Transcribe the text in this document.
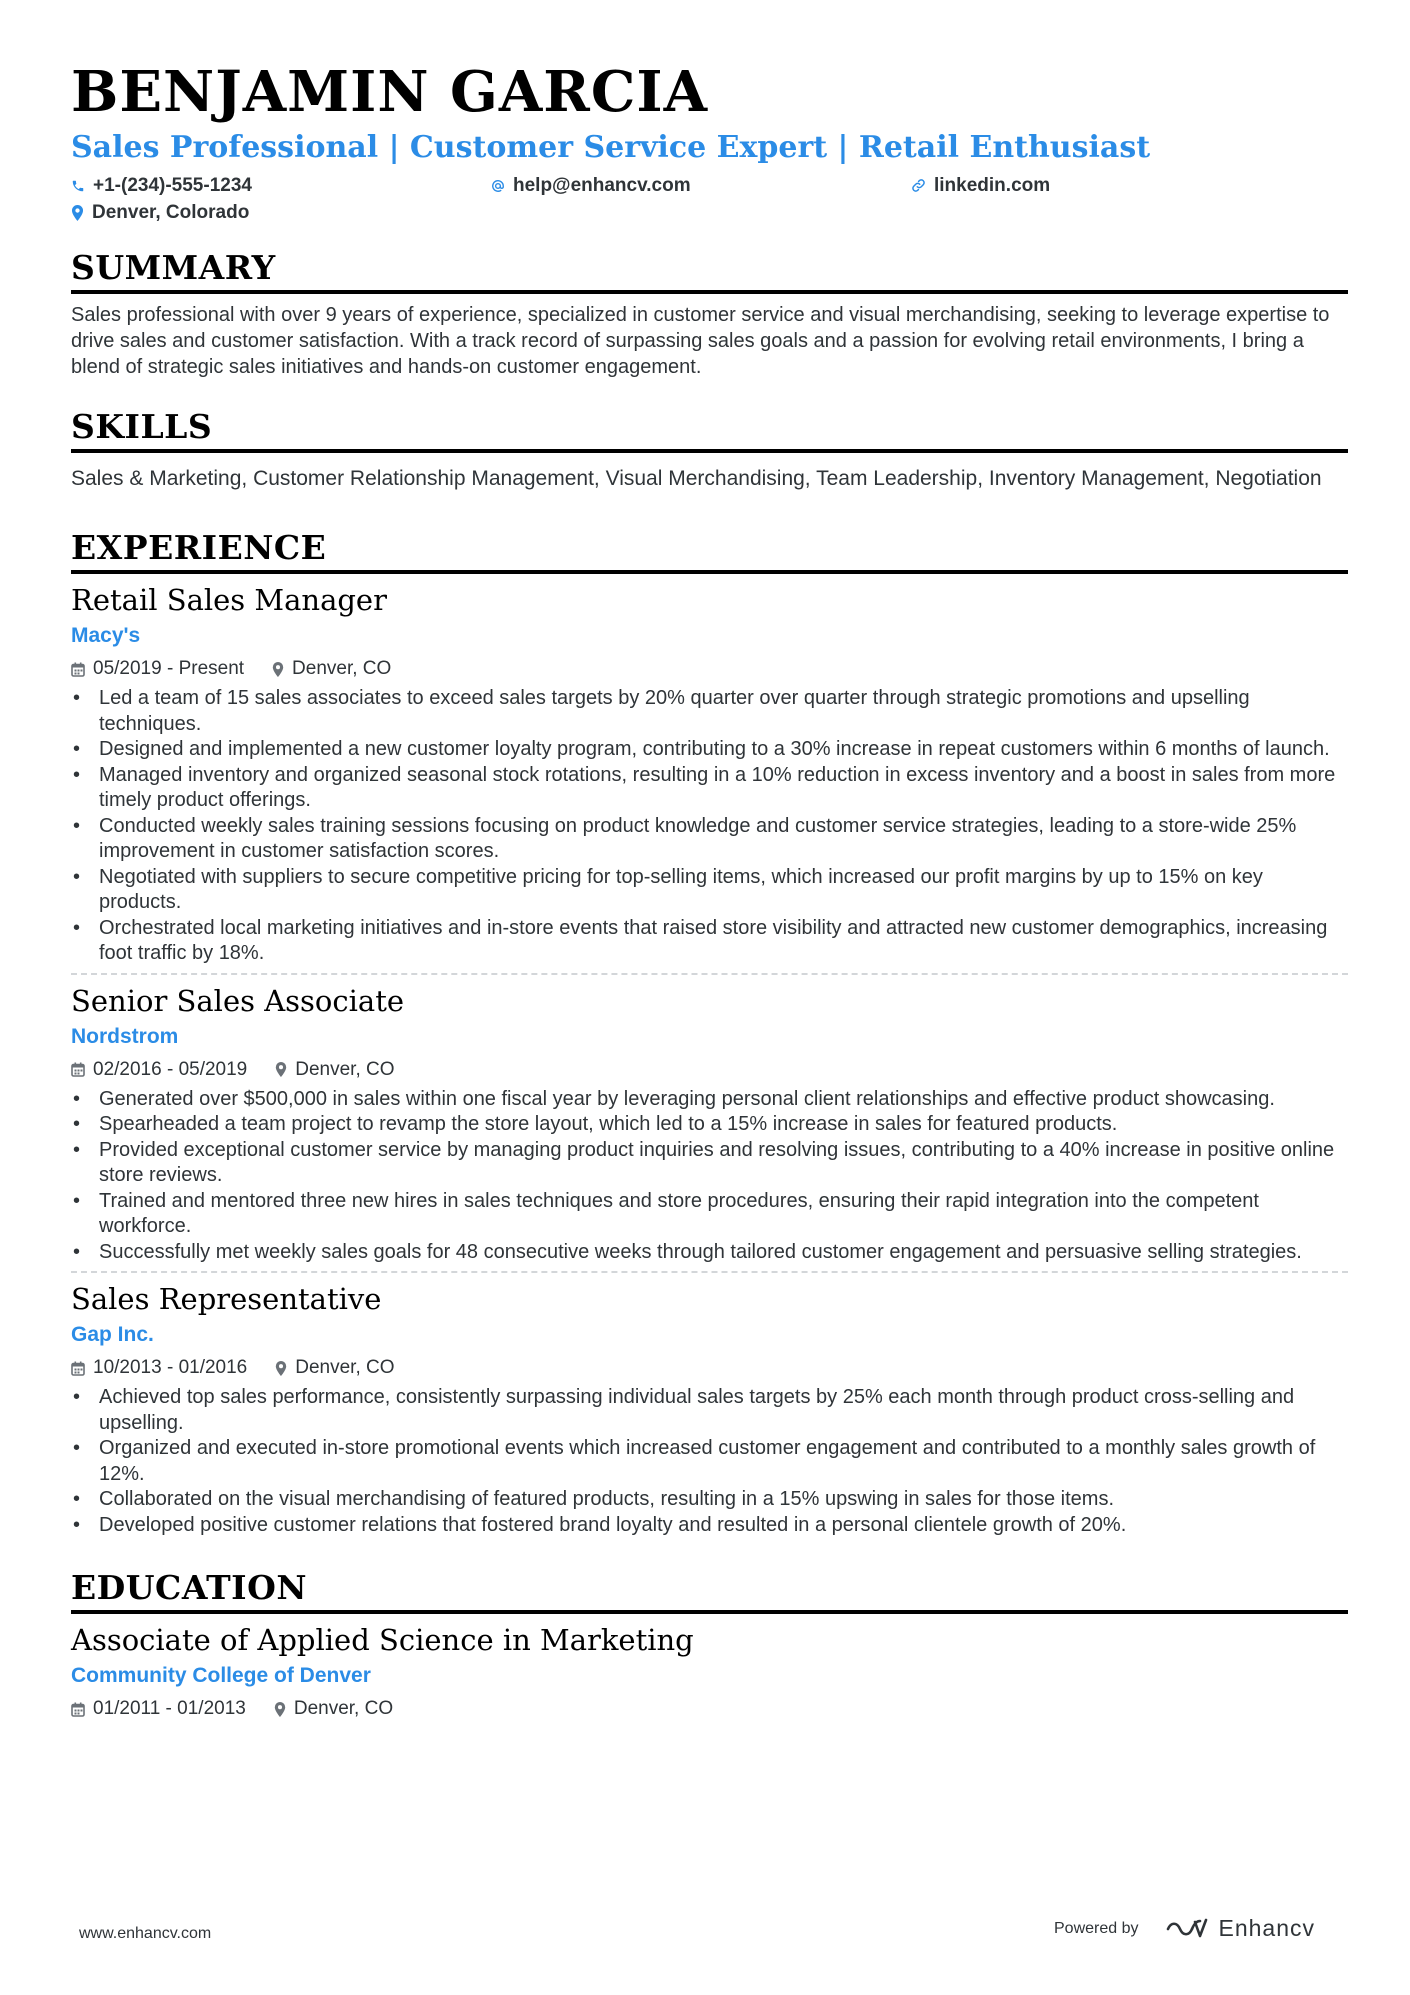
BENJAMIN GARCIA
Sales Professional | Customer Service Expert | Retail Enthusiast
+1-(234)-555-1234	help@enhancv.com	linkedin.com
Denver, Colorado
SUMMARY

Sales professional with over 9 years of experience, specialized in customer service and visual merchandising, seeking to leverage expertise to drive sales and customer satisfaction. With a track record of surpassing sales goals and a passion for evolving retail environments, I bring a blend of strategic sales initiatives and hands-on customer engagement.

SKILLS

Sales & Marketing, Customer Relationship Management, Visual Merchandising, Team Leadership, Inventory Management, Negotiation

EXPERIENCE
Retail Sales Manager
Macy's
05/2019 - Present	Denver, CO
• Led a team of 15 sales associates to exceed sales targets by 20% quarter over quarter through strategic promotions and upselling techniques.
• Designed and implemented a new customer loyalty program, contributing to a 30% increase in repeat customers within 6 months of launch.
• Managed inventory and organized seasonal stock rotations, resulting in a 10% reduction in excess inventory and a boost in sales from more timely product offerings.
• Conducted weekly sales training sessions focusing on product knowledge and customer service strategies, leading to a store-wide 25% improvement in customer satisfaction scores.
• Negotiated with suppliers to secure competitive pricing for top-selling items, which increased our profit margins by up to 15% on key products.
• Orchestrated local marketing initiatives and in-store events that raised store visibility and attracted new customer demographics, increasing foot traffic by 18%.
Senior Sales Associate
Nordstrom
02/2016 - 05/2019	Denver, CO
• Generated over $500,000 in sales within one fiscal year by leveraging personal client relationships and effective product showcasing.
• Spearheaded a team project to revamp the store layout, which led to a 15% increase in sales for featured products.
• Provided exceptional customer service by managing product inquiries and resolving issues, contributing to a 40% increase in positive online store reviews.
• Trained and mentored three new hires in sales techniques and store procedures, ensuring their rapid integration into the competent workforce.
• Successfully met weekly sales goals for 48 consecutive weeks through tailored customer engagement and persuasive selling strategies.
Sales Representative
Gap Inc.
10/2013 - 01/2016	Denver, CO
• Achieved top sales performance, consistently surpassing individual sales targets by 25% each month through product cross-selling and upselling.
• Organized and executed in-store promotional events which increased customer engagement and contributed to a monthly sales growth of 12%.
• Collaborated on the visual merchandising of featured products, resulting in a 15% upswing in sales for those items.
• Developed positive customer relations that fostered brand loyalty and resulted in a personal clientele growth of 20%.
EDUCATION
Associate of Applied Science in Marketing
Community College of Denver
01/2011 - 01/2013	Denver, CO
www.enhancv.com	Powered by	Enhancv
